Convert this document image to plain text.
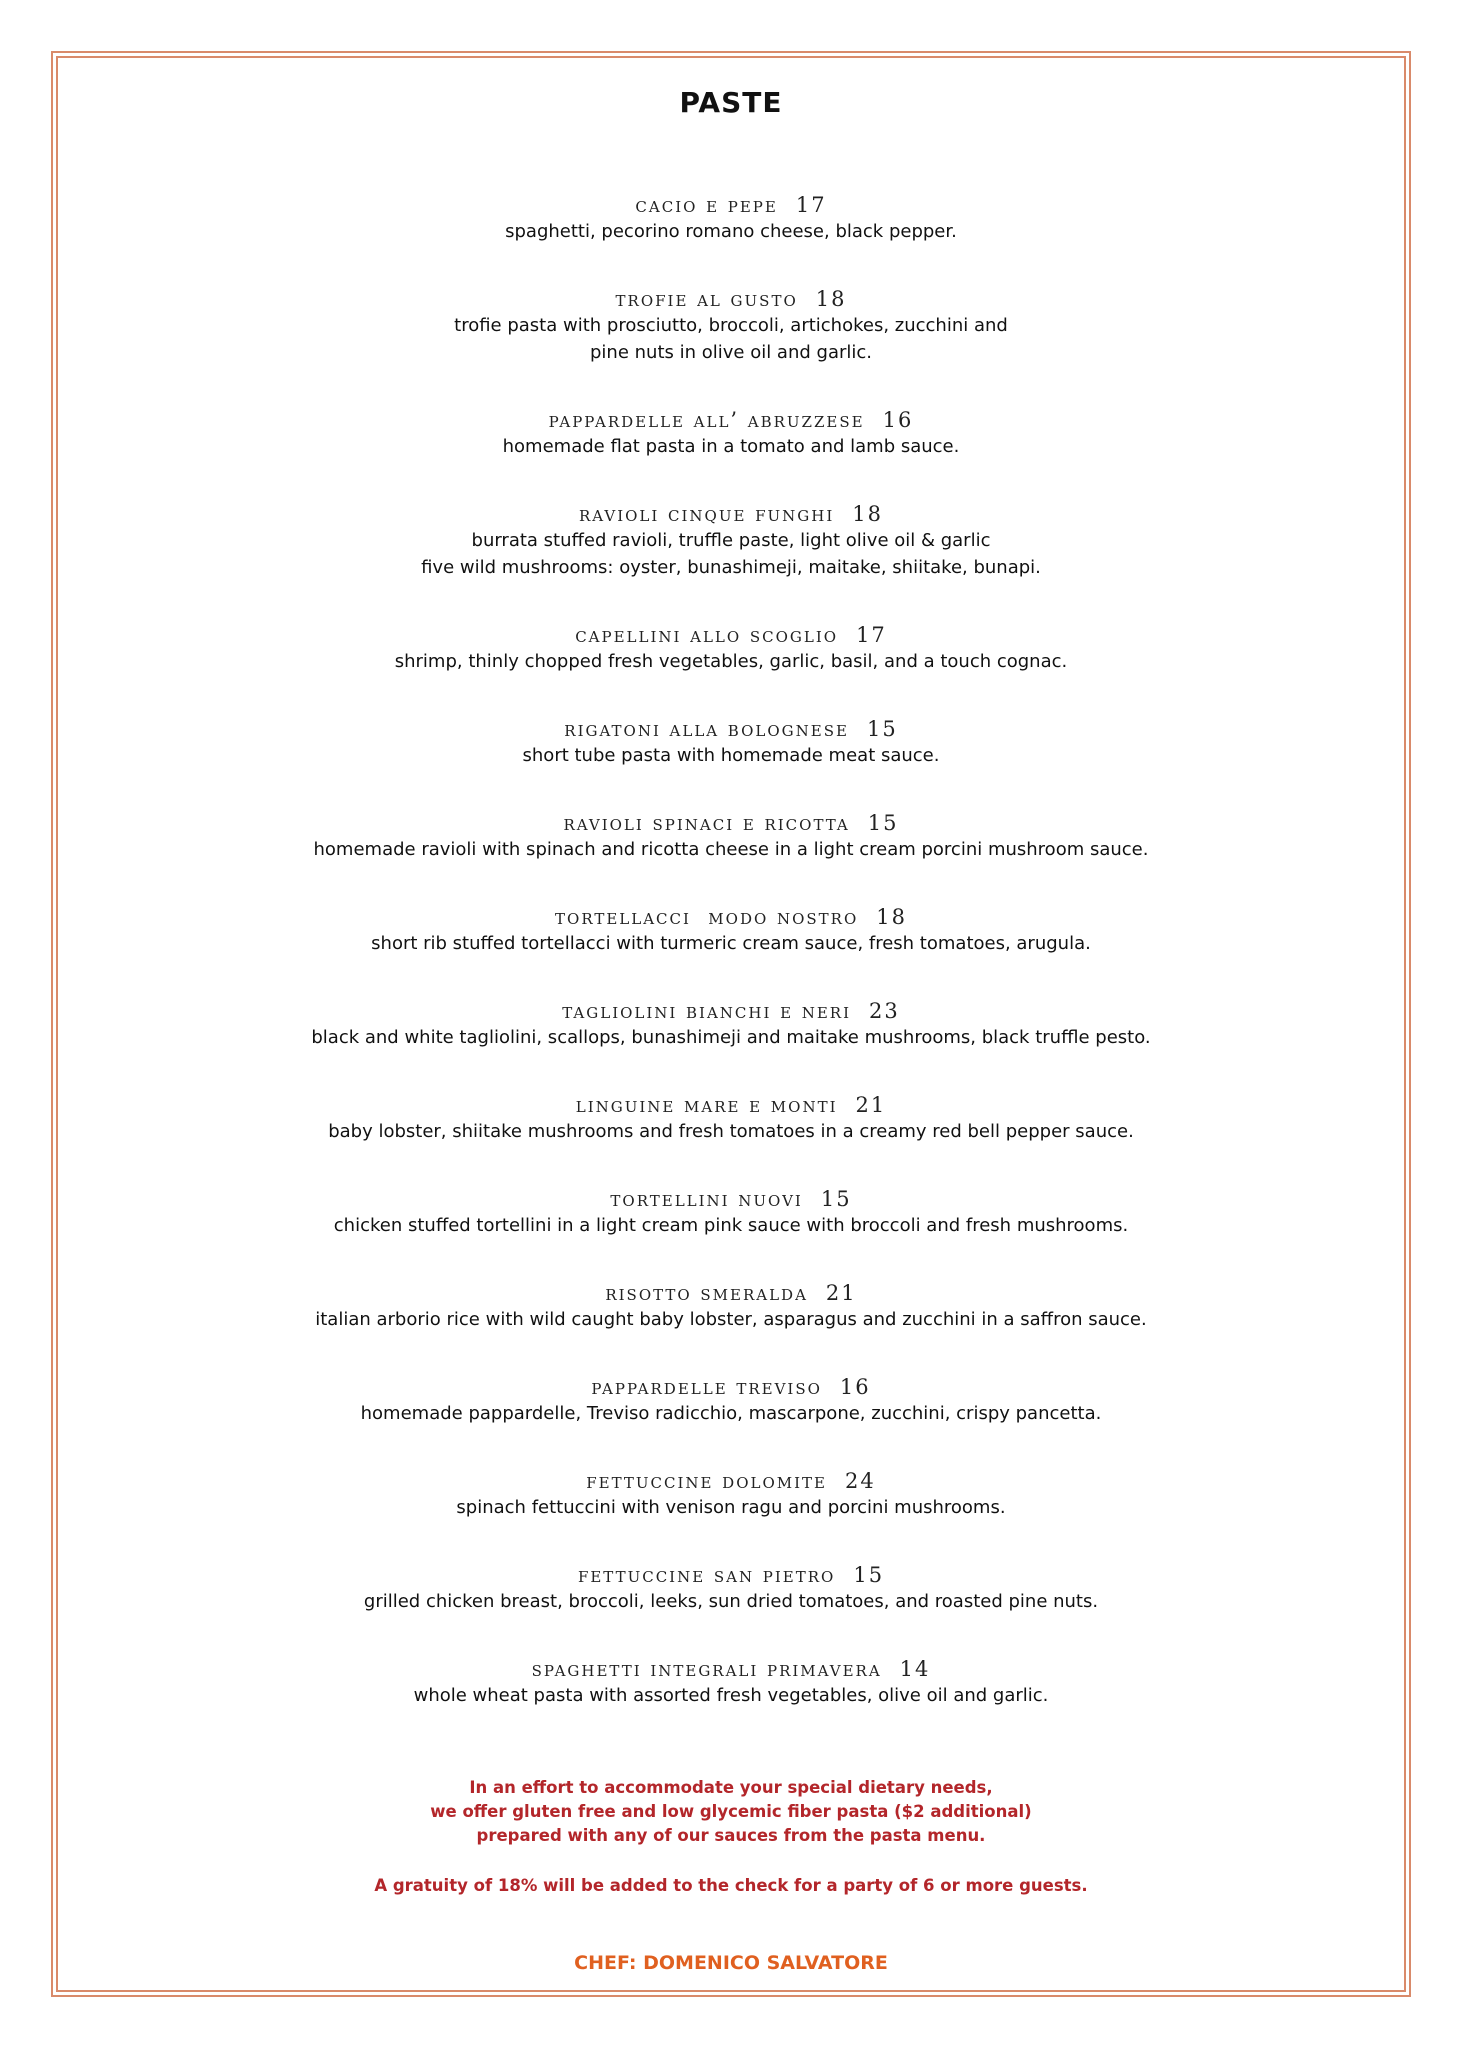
PASTE
cacio e pepe 17
spaghetti, pecorino romano cheese, black pepper.
trofie al gusto 18
trofie pasta with prosciutto, broccoli, artichokes, zucchini and
pine nuts in olive oil and garlic.
pappardelle all’ abruzzese 16
homemade flat pasta in a tomato and lamb sauce.
ravioli cinque funghi 18
burrata stuffed ravioli, truffle paste, light olive oil & garlic
five wild mushrooms: oyster, bunashimeji, maitake, shiitake, bunapi.
capellini allo scoglio 17
shrimp, thinly chopped fresh vegetables, garlic, basil, and a touch cognac.
rigatoni alla bolognese 15
short tube pasta with homemade meat sauce.
ravioli spinaci e ricotta 15
homemade ravioli with spinach and ricotta cheese in a light cream porcini mushroom sauce.
tortellacci  modo nostro 18
short rib stuffed tortellacci with turmeric cream sauce, fresh tomatoes, arugula.
tagliolini bianchi e neri 23
black and white tagliolini, scallops, bunashimeji and maitake mushrooms, black truffle pesto.
linguine mare e monti 21
baby lobster, shiitake mushrooms and fresh tomatoes in a creamy red bell pepper sauce.
tortellini nuovi 15
chicken stuffed tortellini in a light cream pink sauce with broccoli and fresh mushrooms.
risotto smeralda 21
italian arborio rice with wild caught baby lobster, asparagus and zucchini in a saffron sauce.
pappardelle treviso 16
homemade pappardelle, Treviso radicchio, mascarpone, zucchini, crispy pancetta.
fettuccine dolomite 24
spinach fettuccini with venison ragu and porcini mushrooms.
fettuccine san pietro 15
grilled chicken breast, broccoli, leeks, sun dried tomatoes, and roasted pine nuts.
spaghetti integrali primavera 14
whole wheat pasta with assorted fresh vegetables, olive oil and garlic.
In an effort to accommodate your special dietary needs,
we offer gluten free and low glycemic fiber pasta ($2 additional)
prepared with any of our sauces from the pasta menu.
A gratuity of 18% will be added to the check for a party of 6 or more guests.
CHEF: DOMENICO SALVATORE
